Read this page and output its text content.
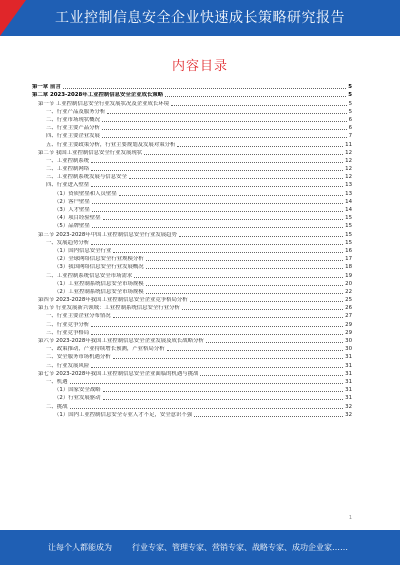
工业控制信息安全企业快速成长策略研究报告
内容目录
第一章 前言	5
第二章 2023-2028年工业控制信息安全企业成长策略	5
第一节 工业控制信息安全行业发展状况及企业成长环境	5
一、行业产品及服务分析	5
二、行业市场现状概况	6
三、行业主要产品分析	6
四、行业主要企业发展	7
五、行业主要政策分析，行业主要规划及发展对策分析	11
第二节 我国工业控制信息安全行业发展现状	12
一、工业控制系统	12
二、工业控制网络	12
三、工业控制系统发展与信息安全	12
四、行业进入壁垒	13
（1）资质壁垒和人员壁垒	13
（2）客户壁垒	14
（3）人才壁垒	14
（4）项目经验壁垒	15
（5）品牌壁垒	15
第三节 2023-2028年中国工业控制信息安全行业发展趋势	15
一、发展趋势分析	15
（1）国内信息安全行业	16
（2）全球网络信息安全行业规模分析	17
（3）我国网络信息安全行业发展概况	18
二、工业控制系统信息安全市场需求	19
（1）工业控制系统信息安全市场规模	20
（2）工业控制系统信息安全市场规模	22
第四节 2023-2028年我国工业控制信息安全企业竞争格局分析	25
第五节 行业发展新兴领域：工业控制系统信息安全行业分析	26
一、行业主要企业分布情况	27
二、行业竞争分析	29
三、行业竞争格局	29
第六节 2023-2028年我国工业控制信息安全企业发展及成长战略分析	30
一、政策推动，产业持续增长预测，产业格局分析	30
二、安全服务市场机遇分析	31
三、行业发展风险	31
第七节 2023-2028年我国工业控制信息安全企业面临的机遇与挑战	31
一、机遇	31
（1）国家安全战略	31
（2）行业发展驱动	31
二、挑战	32
（1）国内工业控制信息安全专业人才不足，安全意识不强	32
1
让每个人都能成为	行业专家、管理专家、营销专家、战略专家、成功企业家……
